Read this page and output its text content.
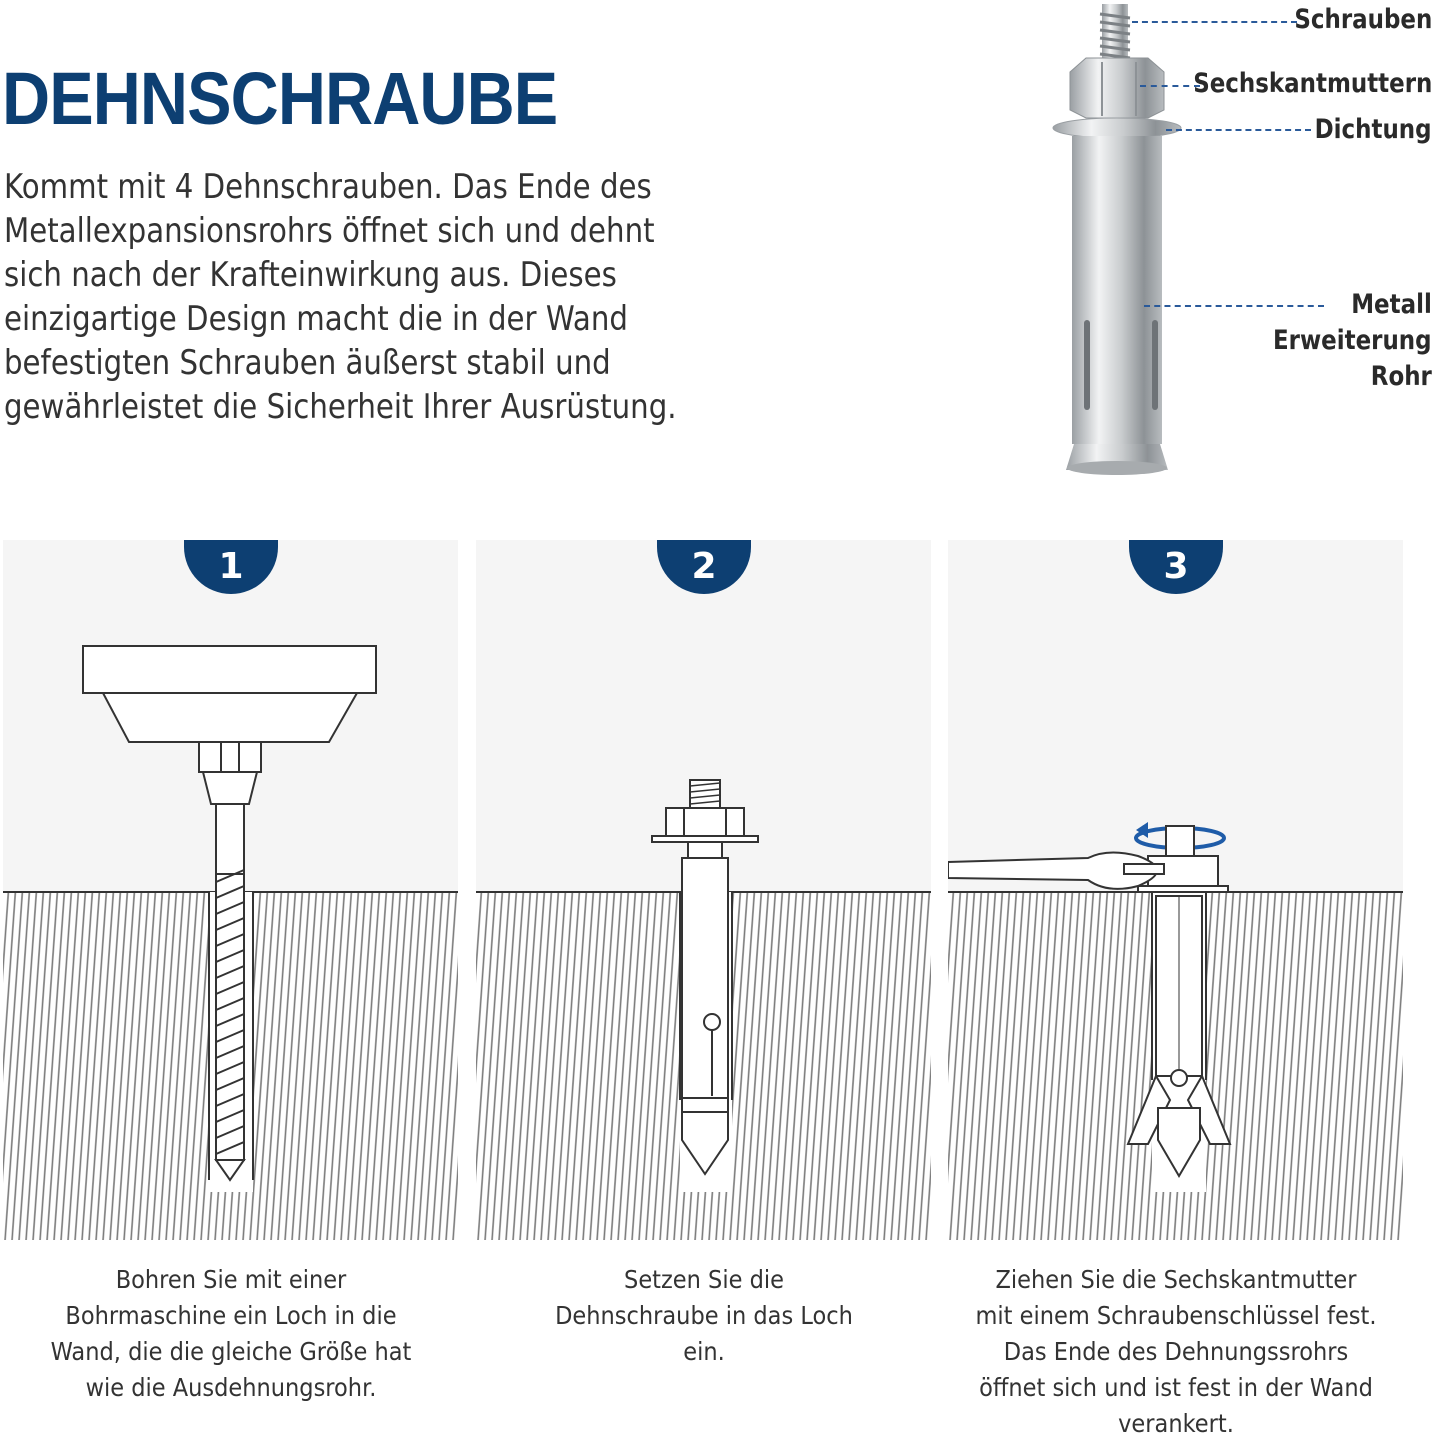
DEHNSCHRAUBE

Kommt mit 4 Dehnschrauben. Das Ende des Metallexpansionsrohrs öffnet sich und dehnt sich nach der Krafteinwirkung aus. Dieses einzigartige Design macht die in der Wand befestigten Schrauben äußerst stabil und gewährleistet die Sicherheit Ihrer Ausrüstung.

Schrauben
Sechskantmuttern
Dichtung
Metall
Erweiterung
Rohr
1
Bohren Sie mit einer Bohrmaschine ein Loch in die Wand, die die gleiche Größe hat wie die Ausdehnungsrohr.
2
Setzen Sie die Dehnschraube in das Loch ein.
3
Ziehen Sie die Sechskantmutter mit einem Schraubenschlüssel fest. Das Ende des Dehnungssrohrs öffnet sich und ist fest in der Wand verankert.
